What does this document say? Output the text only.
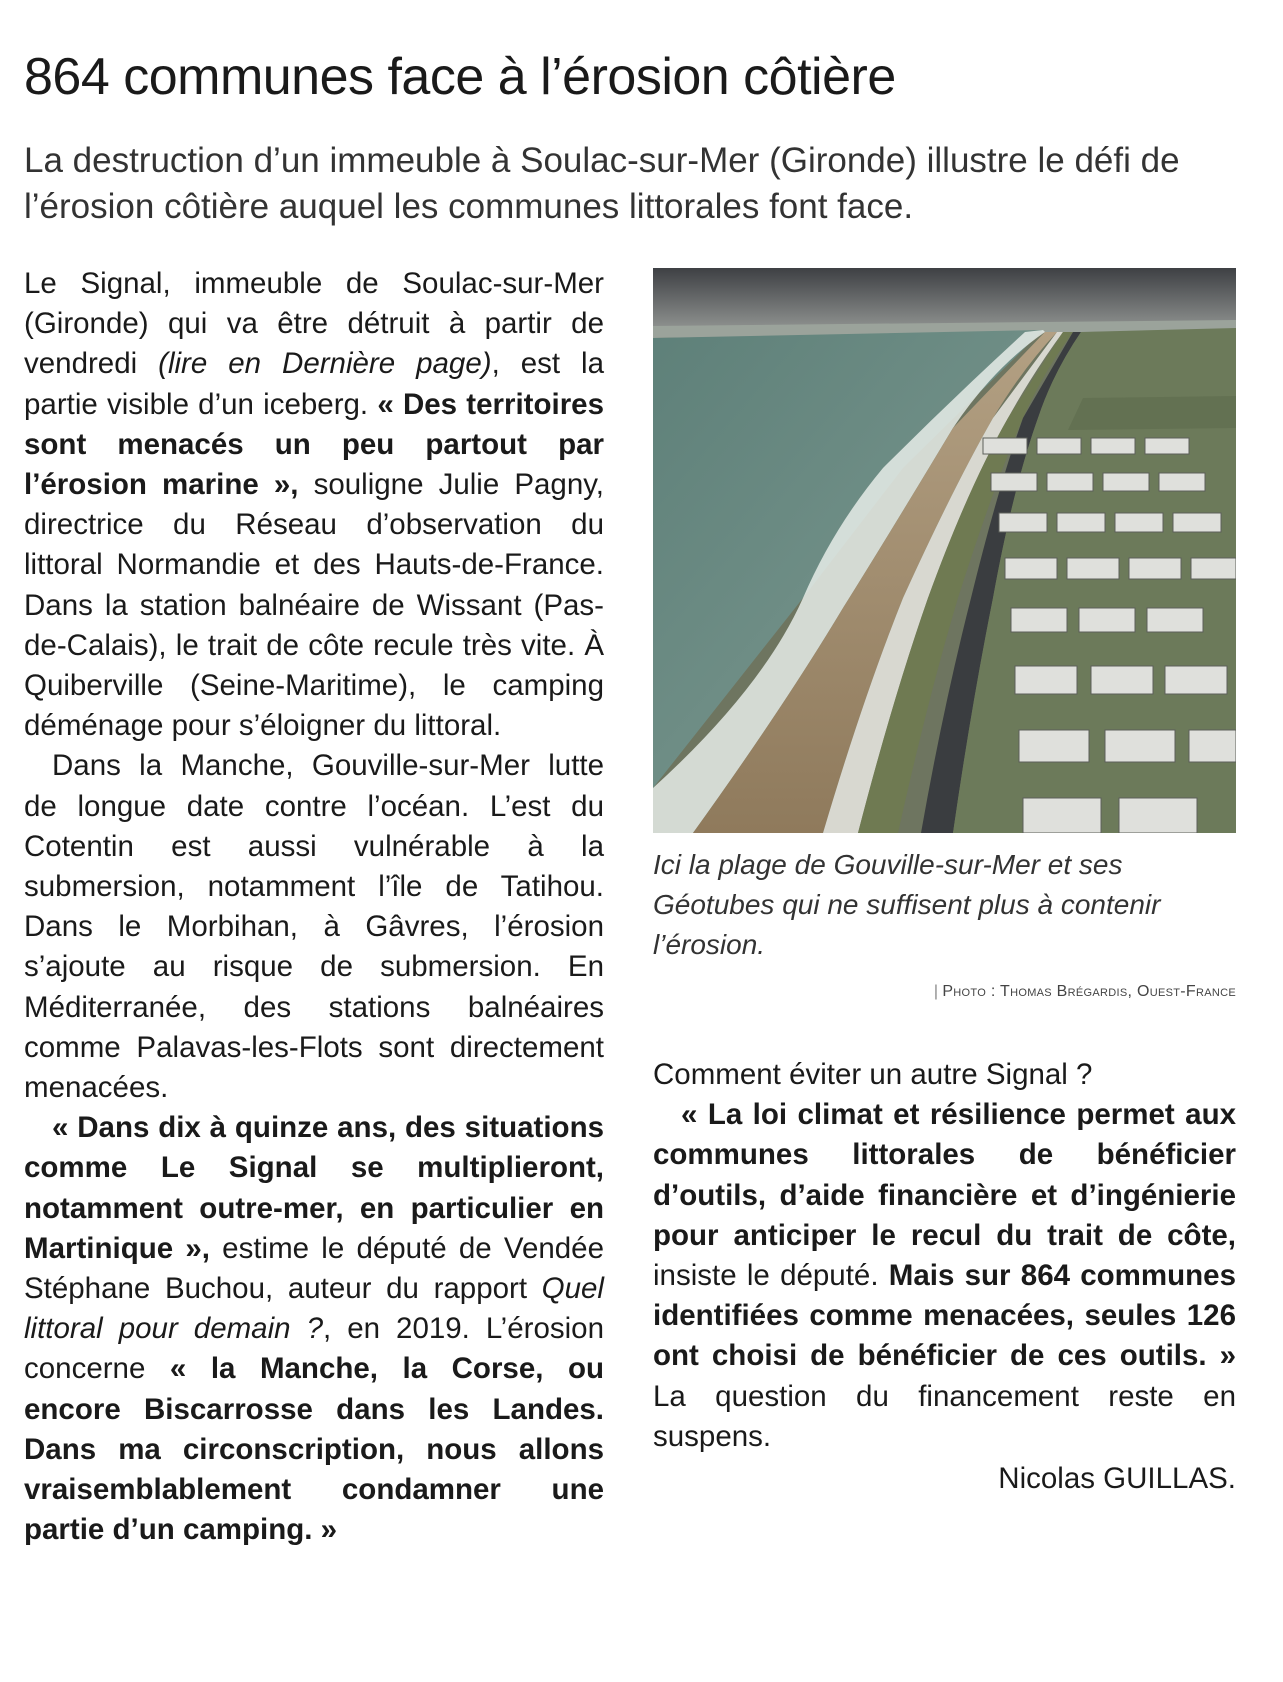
864 communes face à l’érosion côtière

La destruction d’un immeuble à Soulac-sur-Mer (Gironde) illustre le défi de l’érosion côtière auquel les communes littorales font face.

Le Signal, immeuble de Soulac-sur-Mer (Gironde) qui va être détruit à partir de vendredi (lire en Dernière page), est la partie visible d’un iceberg. « Des territoires sont menacés un peu partout par l’érosion marine », souligne Julie Pagny, directrice du Réseau d’observation du littoral Normandie et des Hauts-de-France. Dans la station balnéaire de Wissant (Pas-de-Calais), le trait de côte recule très vite. À Quiberville (Seine-Maritime), le camping déménage pour s’éloigner du littoral.

Dans la Manche, Gouville-sur-Mer lutte de longue date contre l’océan. L’est du Cotentin est aussi vulnérable à la submersion, notamment l’île de Tatihou. Dans le Morbihan, à Gâvres, l’érosion s’ajoute au risque de submersion. En Méditerranée, des stations balnéaires comme Palavas-les-Flots sont directement menacées.

« Dans dix à quinze ans, des situations comme Le Signal se multiplieront, notamment outre-mer, en particulier en Martinique », estime le député de Vendée Stéphane Buchou, auteur du rapport Quel littoral pour demain ?, en 2019. L’érosion concerne « la Manche, la Corse, ou encore Biscarrosse dans les Landes. Dans ma circonscription, nous allons vraisemblablement condamner une partie d’un camping. »

Ici la plage de Gouville-sur-Mer et ses Géotubes qui ne suffisent plus à contenir l’érosion.

| Photo : Thomas Brégardis, Ouest-France

Comment éviter un autre Signal ?

« La loi climat et résilience permet aux communes littorales de bénéficier d’outils, d’aide financière et d’ingénierie pour anticiper le recul du trait de côte, insiste le député. Mais sur 864 communes identifiées comme menacées, seules 126 ont choisi de bénéficier de ces outils. » La question du financement reste en suspens.

Nicolas GUILLAS.
